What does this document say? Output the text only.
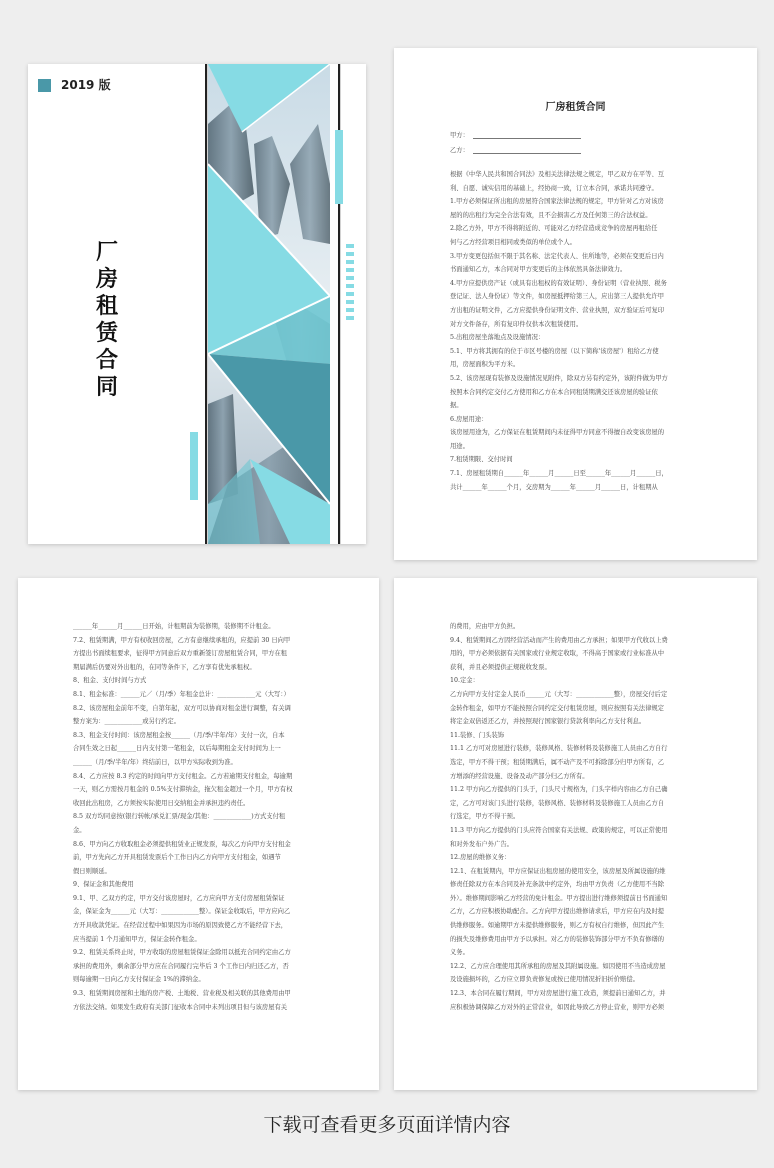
2019 版
厂房租赁合同
厂房租赁合同
甲方：
乙方：
根据《中华人民共和国合同法》及相关法律法规之规定，甲乙双方在平等、互
利、自愿、诚实信用的基础上，经协商一致，订立本合同，承诺共同遵守。
1.甲方必须保证所出租的房屋符合国家法律法规的规定，甲方针对乙方对该房
屋的的出租行为完全合法有效，且不会损害乙方及任何第三的合法权益。
2.除乙方外，甲方不得将附近的、可能对乙方经营造成竞争的房屋再租给任
何与乙方经营项目相同或类似的单位或个人。
3.甲方变更包括但不限于其名称、法定代表人、住所地等，必须在变更后日内
书面通知乙方，本合同对甲方变更后的主体依然具备法律效力。
4.甲方应提供房产证（或具有出租权的有效证明）、身份证明（营业执照、税务
登记证、法人身份证）等文件，如房屋抵押给第三人，应出第三人提供允许甲
方出租的证明文件，乙方应提供身份证明文件、营业执照，双方验证后可复印
对方文件备存，所有复印件仅供本次租赁使用。
5.出租房屋坐落地点及设施情况：
5.1、甲方将其拥有的位于市区号楼的房屋（以下简称'该房屋'）租给乙方使
用，房屋面积为平方米。
5.2、该房屋现有装修及设施情况见附件，除双方另有约定外，该附件做为甲方
按照本合同约定交付乙方使用和乙方在本合同租赁期满交还该房屋的验证依
据。
6.房屋用途：
该房屋用途为，乙方保证在租赁期间内未征得甲方同意不得擅自改变该房屋的
用途。
7.租赁期限、交付时间
7.1、房屋租赁期自______年______月______日至______年______月______日，
共计______年______个月，交房期为______年______月______日，计租期从
______年______月______日开始，计租期前为装修期，装修期不计租金。
7.2、租赁期满，甲方有权收回房屋，乙方有意继续承租的，应提前 30 日向甲
方提出书面续租要求，征得甲方同意后双方重新签订房屋租赁合同，甲方在租
期届满后仍要对外出租的，在同等条件下，乙方享有优先承租权。
8、租金、支付时间与方式
8.1、租金标准：______元／（月/季）年租金总计：____________元（大写：）
8.2、该房屋租金前年不变，自第年起，双方可以协商对租金进行调整，有关调
整方案为：____________或另行约定。
8.3、租金支付时间：该房屋租金按______（月/季/半年/年）支付一次，自本
合同生效之日起______日内支付第一笔租金，以后每期租金支付时间为上一
______（月/季/半年/年）终结前日，以甲方实际收到为准。
8.4、乙方应按 8.3 约定的时间向甲方支付租金。乙方若逾期支付租金，每逾期
一天，则乙方需按月租金的 0.5%支付滞纳金，拖欠租金超过一个月，甲方有权
收回此出租房，乙方须按实际使用日交纳租金并承担违约责任。
8.5 双方均同意按(银行转帐/承兑汇票/现金/其他：____________)方式支付租
金。
8.6、甲方向乙方收取租金必须提供租赁业正规发票，每次乙方向甲方支付租金
前，甲方先向乙方开具租赁发票后个工作日内乙方向甲方支付租金，如遇节
假日则顺延。
9、保证金和其他费用
9.1、甲、乙双方约定，甲方交付该房屋时，乙方应向甲方支付房屋租赁保证
金，保证金为______元（大写：____________整）。保证金收取后，甲方应向乙
方开具收款凭证。在经营过程中如果因为市场的原因致使乙方不能经营下去，
应当提前 1 个月通知甲方，保证金转作租金。
9.2、租赁关系终止时，甲方收取的房屋租赁保证金除用以抵充合同约定由乙方
承担的费用外，剩余部分甲方应在合同履行完毕后 3 个工作日内归还乙方，否
则每逾期一日向乙方支付保证金 1%的滞纳金。
9.3、租赁期间房屋和土地的房产税、土地税、营业税及相关联的其他费用由甲
方依法交纳。如果发生政府有关部门征收本合同中未列出项目但与该房屋有关
的费用，应由甲方负担。
9.4、租赁期间乙方因经营活动而产生的费用由乙方承担；如果甲方代收以上费
用的，甲方必须依据有关国家或行业规定收取，不得高于国家或行业标准从中
获利，并且必须提供正规税收发票。
10.定金：
乙方向甲方支付定金人民币______元（大写：____________整），房屋交付后定
金转作租金，如甲方不能按照合同约定交付租赁房屋，则应按照有关法律规定
将定金双倍返还乙方，并按照现行国家银行贷款利率向乙方支付利息。
11.装修、门头装饰
11.1 乙方可对房屋进行装修，装修风格、装修材料及装修施工人员由乙方自行
选定，甲方不得干预；租赁期满后，属不动产及不可拆除部分归甲方所有，乙
方增添的经营设施、设备及动产部分归乙方所有。
11.2 甲方向乙方提供的门头于，门头尺寸规格为，门头字样内容由乙方自己确
定，乙方可对该门头进行装修，装修风格、装修材料及装修施工人员由乙方自
行选定，甲方不得干预。
11.3 甲方向乙方提供的门头应符合国家有关法规、政策的规定，可以正常使用
和对外发布户外广告。
12.房屋的维修义务：
12.1、在租赁期内，甲方应保证出租房屋的使用安全，该房屋及所属设施的维
修责任除双方在本合同及补充条款中约定外，均由甲方负责（乙方使用不当除
外）。维修期间影响乙方经营的免计租金。甲方提出进行维修须提前日书面通知
乙方，乙方应积极协助配合。乙方向甲方提出维修请求后，甲方应在内及时提
供维修服务。如逾期甲方未提供维修服务，则乙方有权自行维修，但因此产生
的损失及维修费用由甲方予以承担。对乙方的装修装饰部分甲方不负有修缮的
义务。
12.2、乙方应合理使用其所承租的房屋及其附属设施。如因使用不当造成房屋
及设施损坏的，乙方应立即负责修复或按已使用情况折旧折价赔偿。
12.3、本合同在履行期间，甲方对房屋进行施工改造，须提前日通知乙方，并
应积极协调保障乙方对外的正常营业，如因此导致乙方停止营业，则甲方必须
下载可查看更多页面详情内容
